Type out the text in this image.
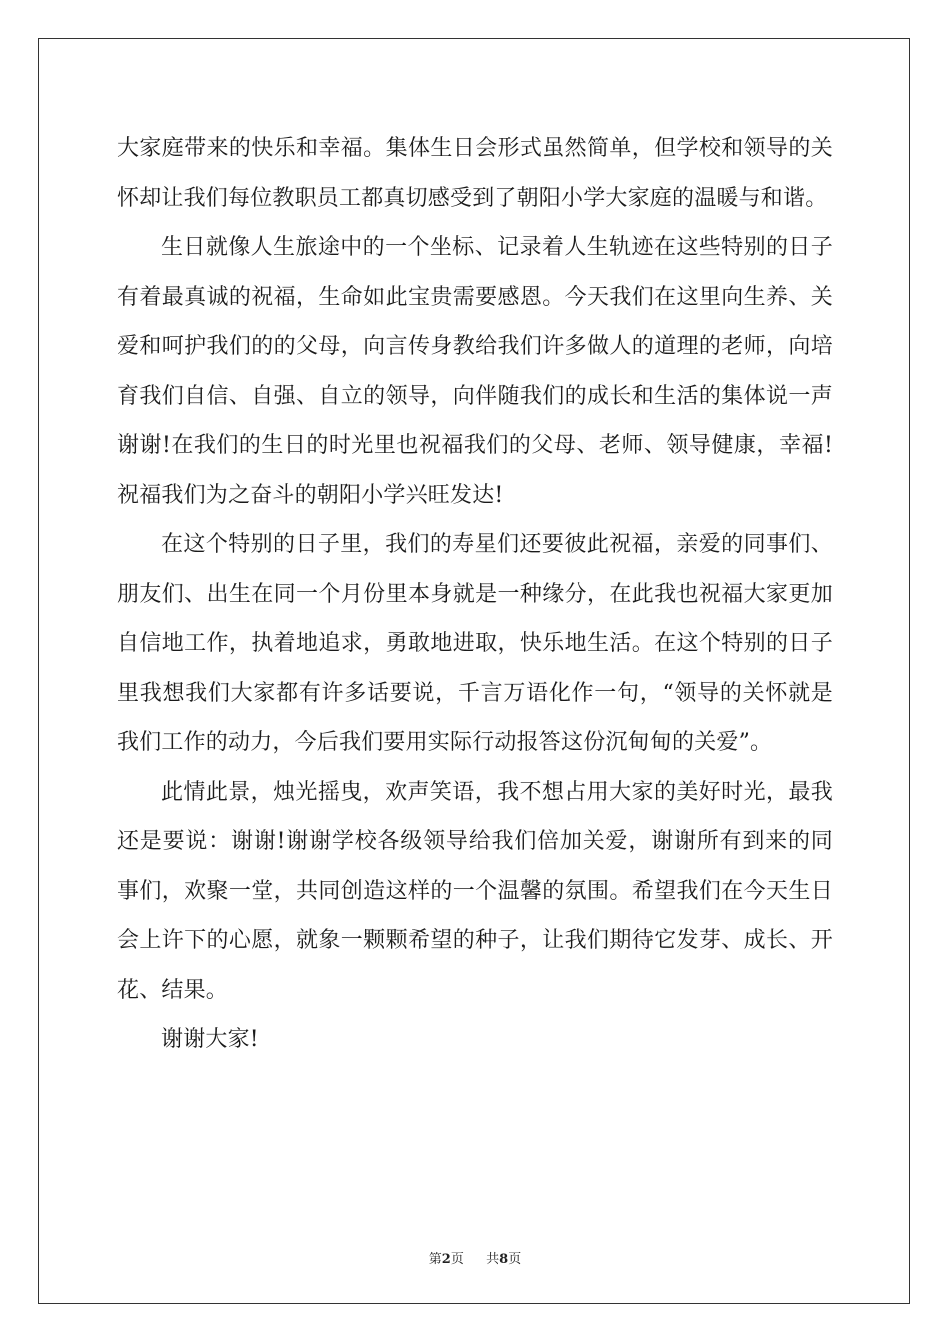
大家庭带来的快乐和幸福。集体生日会形式虽然简单，但学校和领导的关怀却让我们每位教职员工都真切感受到了朝阳小学大家庭的温暖与和谐。

生日就像人生旅途中的一个坐标、记录着人生轨迹在这些特别的日子有着最真诚的祝福，生命如此宝贵需要感恩。今天我们在这里向生养、关爱和呵护我们的的父母，向言传身教给我们许多做人的道理的老师，向培育我们自信、自强、自立的领导，向伴随我们的成长和生活的集体说一声谢谢!在我们的生日的时光里也祝福我们的父母、老师、领导健康，幸福!祝福我们为之奋斗的朝阳小学兴旺发达!

在这个特别的日子里，我们的寿星们还要彼此祝福，亲爱的同事们、朋友们、出生在同一个月份里本身就是一种缘分，在此我也祝福大家更加自信地工作，执着地追求，勇敢地进取，快乐地生活。在这个特别的日子里我想我们大家都有许多话要说，千言万语化作一句，“领导的关怀就是我们工作的动力，今后我们要用实际行动报答这份沉甸甸的关爱”。

此情此景，烛光摇曳，欢声笑语，我不想占用大家的美好时光，最我还是要说：谢谢!谢谢学校各级领导给我们倍加关爱，谢谢所有到来的同事们，欢聚一堂，共同创造这样的一个温馨的氛围。希望我们在今天生日会上许下的心愿，就象一颗颗希望的种子，让我们期待它发芽、成长、开花、结果。

谢谢大家!

第2页 共8页
